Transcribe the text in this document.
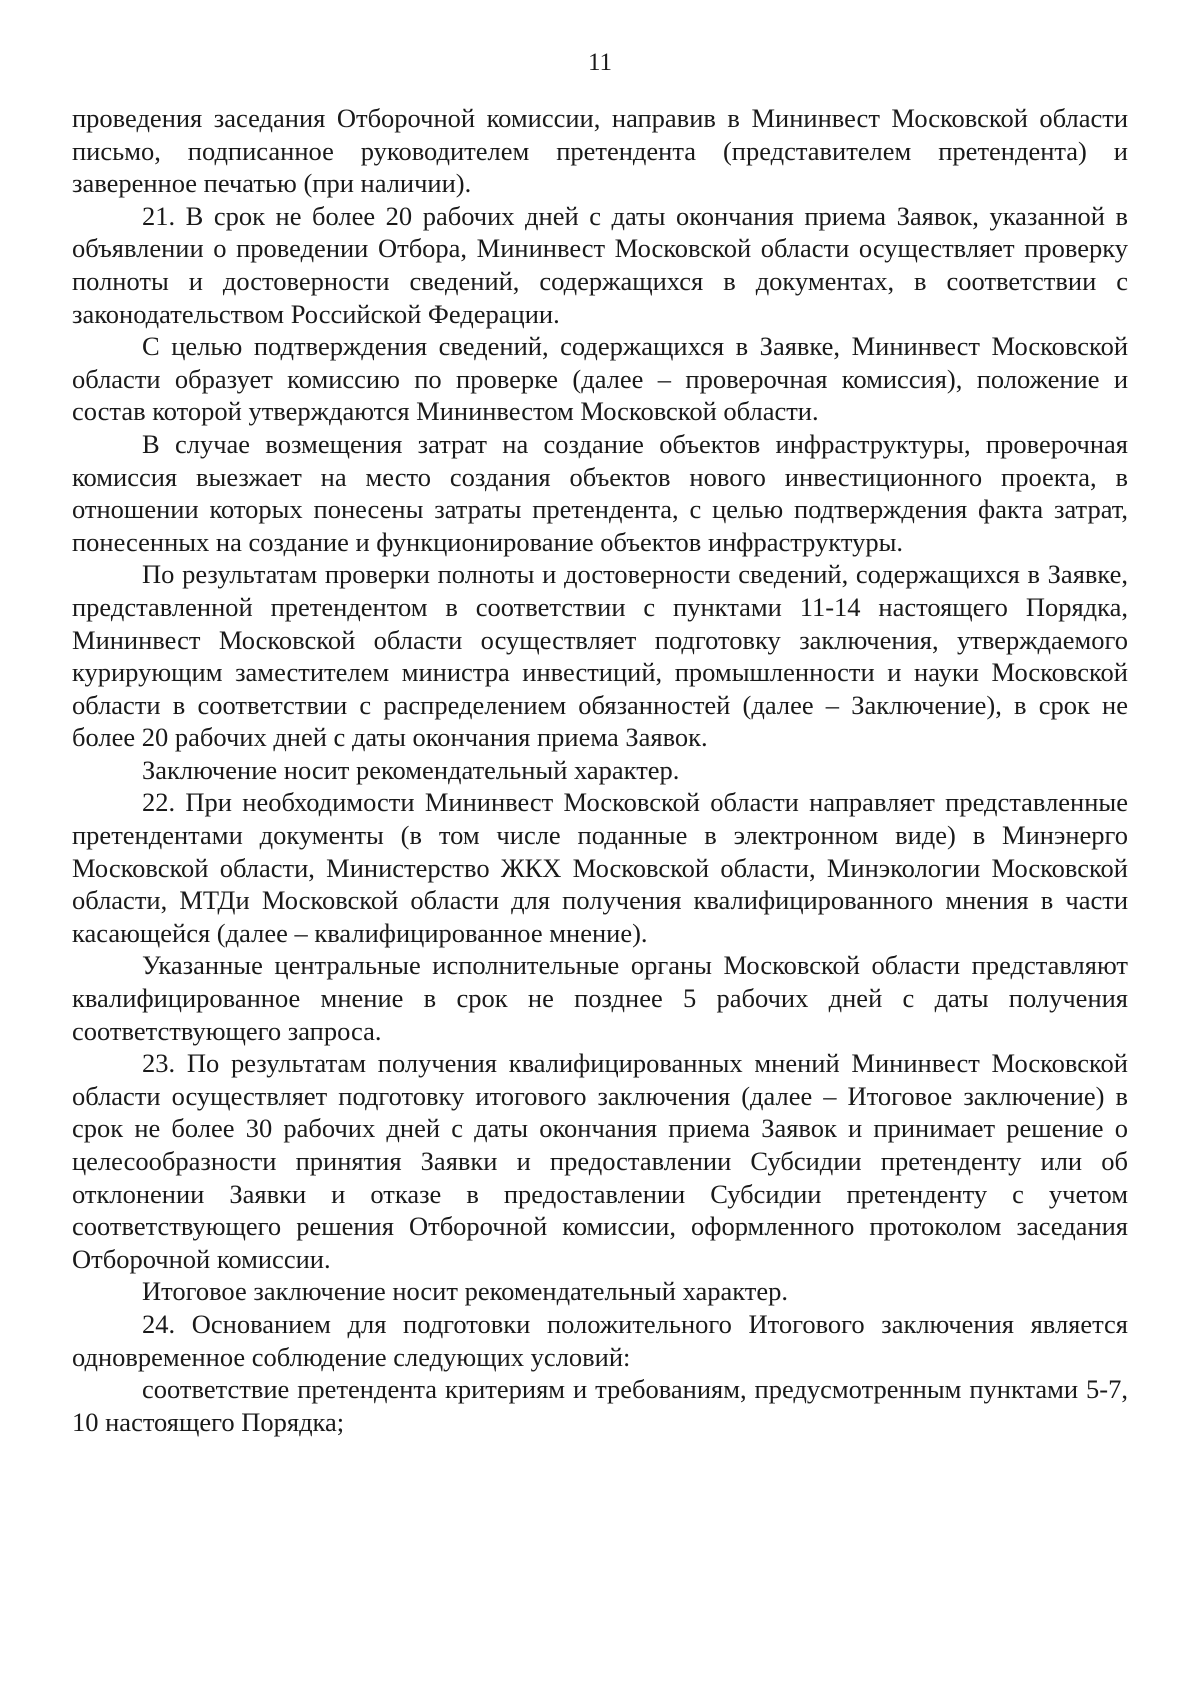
11

проведения заседания Отборочной комиссии, направив в Мининвест Московской области письмо, подписанное руководителем претендента (представителем претендента) и заверенное печатью (при наличии).

21. В срок не более 20 рабочих дней с даты окончания приема Заявок, указанной в объявлении о проведении Отбора, Мининвест Московской области осуществляет проверку полноты и достоверности сведений, содержащихся в документах, в соответствии с законодательством Российской Федерации.

С целью подтверждения сведений, содержащихся в Заявке, Мининвест Московской области образует комиссию по проверке (далее – проверочная комиссия), положение и состав которой утверждаются Мининвестом Московской области.

В случае возмещения затрат на создание объектов инфраструктуры, проверочная комиссия выезжает на место создания объектов нового инвестиционного проекта, в отношении которых понесены затраты претендента, с целью подтверждения факта затрат, понесенных на создание и функционирование объектов инфраструктуры.

По результатам проверки полноты и достоверности сведений, содержащихся в Заявке, представленной претендентом в соответствии с пунктами 11-14 настоящего Порядка, Мининвест Московской области осуществляет подготовку заключения, утверждаемого курирующим заместителем министра инвестиций, промышленности и науки Московской области в соответствии с распределением обязанностей (далее – Заключение), в срок не более 20 рабочих дней с даты окончания приема Заявок.

Заключение носит рекомендательный характер.

22. При необходимости Мининвест Московской области направляет представленные претендентами документы (в том числе поданные в электронном виде) в Минэнерго Московской области, Министерство ЖКХ Московской области, Минэкологии Московской области, МТДи Московской области для получения квалифицированного мнения в части касающейся (далее – квалифицированное мнение).

Указанные центральные исполнительные органы Московской области представляют квалифицированное мнение в срок не позднее 5 рабочих дней с даты получения соответствующего запроса.

23. По результатам получения квалифицированных мнений Мининвест Московской области осуществляет подготовку итогового заключения (далее – Итоговое заключение) в срок не более 30 рабочих дней с даты окончания приема Заявок и принимает решение о целесообразности принятия Заявки и предоставлении Субсидии претенденту или об отклонении Заявки и отказе в предоставлении Субсидии претенденту с учетом соответствующего решения Отборочной комиссии, оформленного протоколом заседания Отборочной комиссии.

Итоговое заключение носит рекомендательный характер.

24. Основанием для подготовки положительного Итогового заключения является одновременное соблюдение следующих условий:

соответствие претендента критериям и требованиям, предусмотренным пунктами 5-7, 10 настоящего Порядка;
